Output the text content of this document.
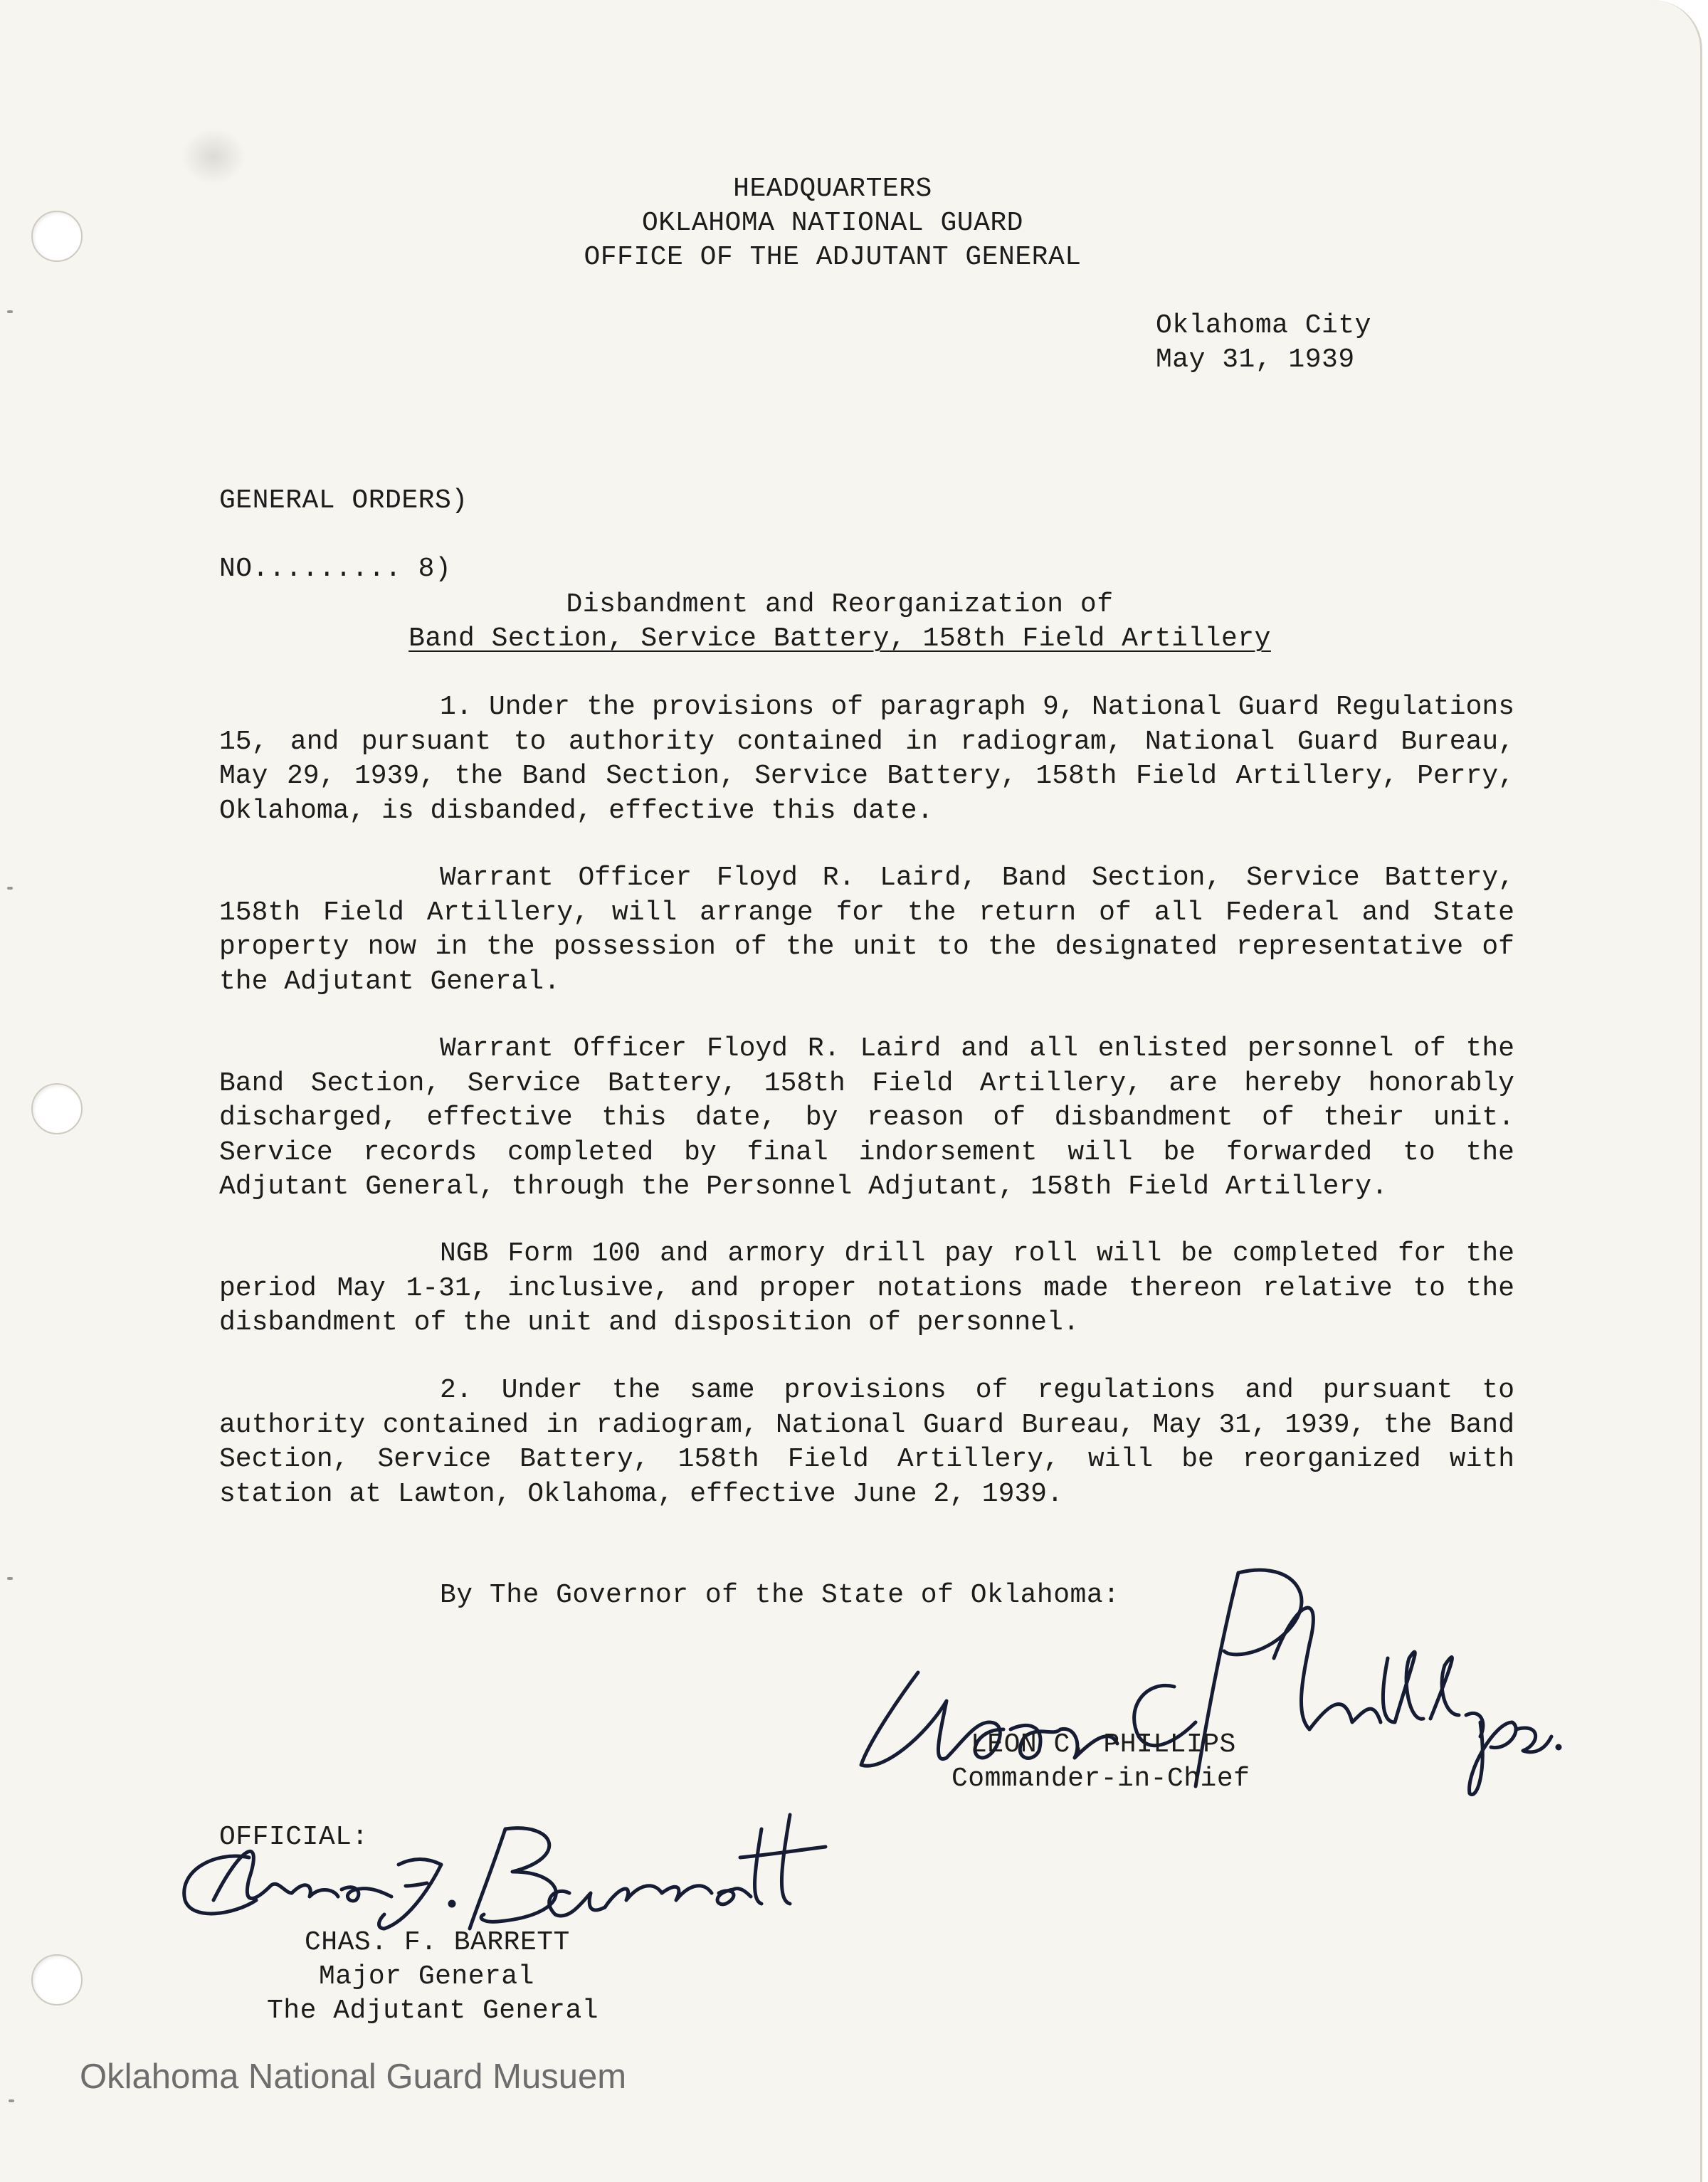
HEADQUARTERS
OKLAHOMA NATIONAL GUARD
OFFICE OF THE ADJUTANT GENERAL
Oklahoma City
May 31, 1939
GENERAL ORDERS)
NO......... 8)
Disbandment and Reorganization of
Band Section, Service Battery, 158th Field Artillery
1. Under the provisions of paragraph 9, National Guard Regulations 15, and pursuant to authority contained in radiogram, National Guard Bureau, May 29, 1939, the Band Section, Service Battery, 158th Field Artillery, Perry, Oklahoma, is disbanded, effective this date.
Warrant Officer Floyd R. Laird, Band Section, Service Battery, 158th Field Artillery, will arrange for the return of all Federal and State property now in the possession of the unit to the designated representative of the Adjutant General.
Warrant Officer Floyd R. Laird and all enlisted personnel of the Band Section, Service Battery, 158th Field Artillery, are hereby honorably discharged, effective this date, by reason of disbandment of their unit. Service records completed by final indorsement will be forwarded to the Adjutant General, through the Personnel Adjutant, 158th Field Artillery.
NGB Form 100 and armory drill pay roll will be completed for the period May 1-31, inclusive, and proper notations made thereon relative to the disbandment of the unit and disposition of personnel.
2. Under the same provisions of regulations and pursuant to authority contained in radiogram, National Guard Bureau, May 31, 1939, the Band Section, Service Battery, 158th Field Artillery, will be reorganized with station at Lawton, Oklahoma, effective June 2, 1939.
By The Governor of the State of Oklahoma:
LEON C. PHILLIPS
Commander-in-Chief
OFFICIAL:
CHAS. F. BARRETT
Major General
The Adjutant General
Oklahoma National Guard Musuem
